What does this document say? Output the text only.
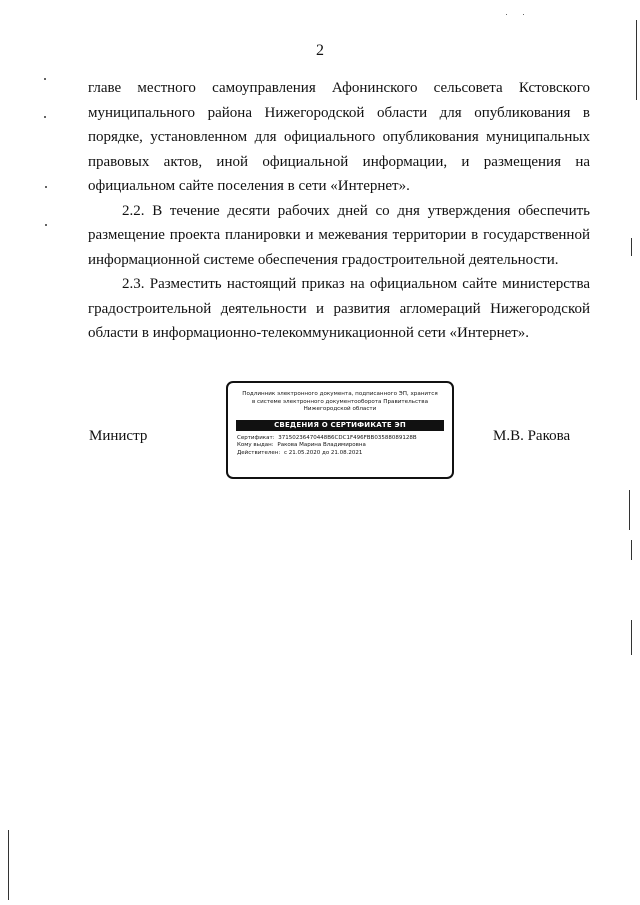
2

главе местного самоуправления Афонинского сельсовета Кстовского муниципального района Нижегородской области для опубликования в порядке, установленном для официального опубликования муниципальных правовых актов, иной официальной информации, и размещения на официальном сайте поселения в сети «Интернет».

2.2. В течение десяти рабочих дней со дня утверждения обеспечить размещение проекта планировки и межевания территории в государственной информационной системе обеспечения градостроительной деятельности.

2.3. Разместить настоящий приказ на официальном сайте министерства градостроительной деятельности и развития агломераций Нижегородской области в информационно-телекоммуникационной сети «Интернет».

Министр	М.В. Ракова
Подлинник электронного документа, подписанного ЭП, хранится в системе электронного документооборота Правительства Нижегородской области
СВЕДЕНИЯ О СЕРТИФИКАТЕ ЭП
Сертификат: 37150236470448B6CDC1F496FBB03588089128B
Кому выдан: Ракова Марина Владимировна
Действителен: с 21.05.2020 до 21.08.2021
